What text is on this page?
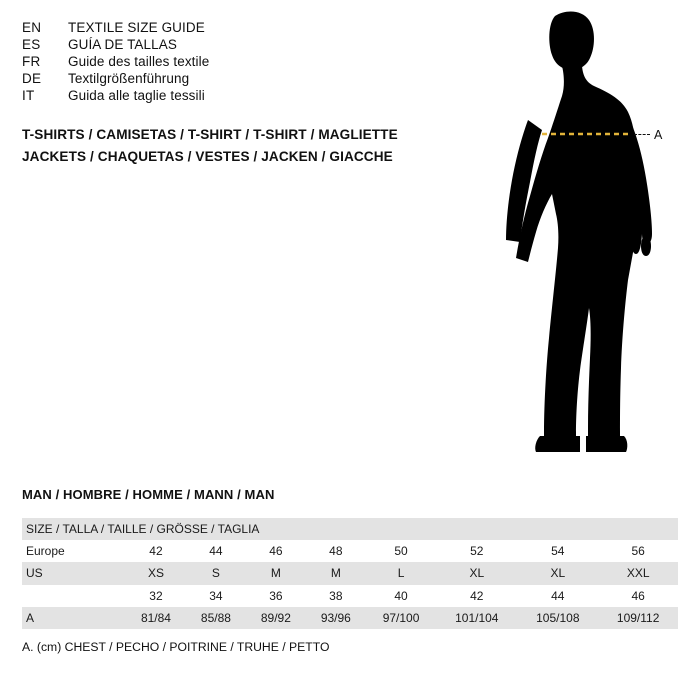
EN	TEXTILE SIZE GUIDE
ES	GUÍA DE TALLAS
FR	Guide des tailles textile
DE	Textilgrößenführung
IT	Guida alle taglie tessili
T-SHIRTS / CAMISETAS / T-SHIRT / T-SHIRT / MAGLIETTE
JACKETS / CHAQUETAS / VESTES / JACKEN / GIACCHE
A
MAN / HOMBRE / HOMME / MANN / MAN
SIZE / TALLA / TAILLE / GRÖSSE / TAGLIA								
Europe	42	44	46	48	50	52	54	56
US	XS	S	M	M	L	XL	XL	XXL
	32	34	36	38	40	42	44	46
A	81/84	85/88	89/92	93/96	97/100	101/104	105/108	109/112
A. (cm) CHEST / PECHO / POITRINE / TRUHE / PETTO
